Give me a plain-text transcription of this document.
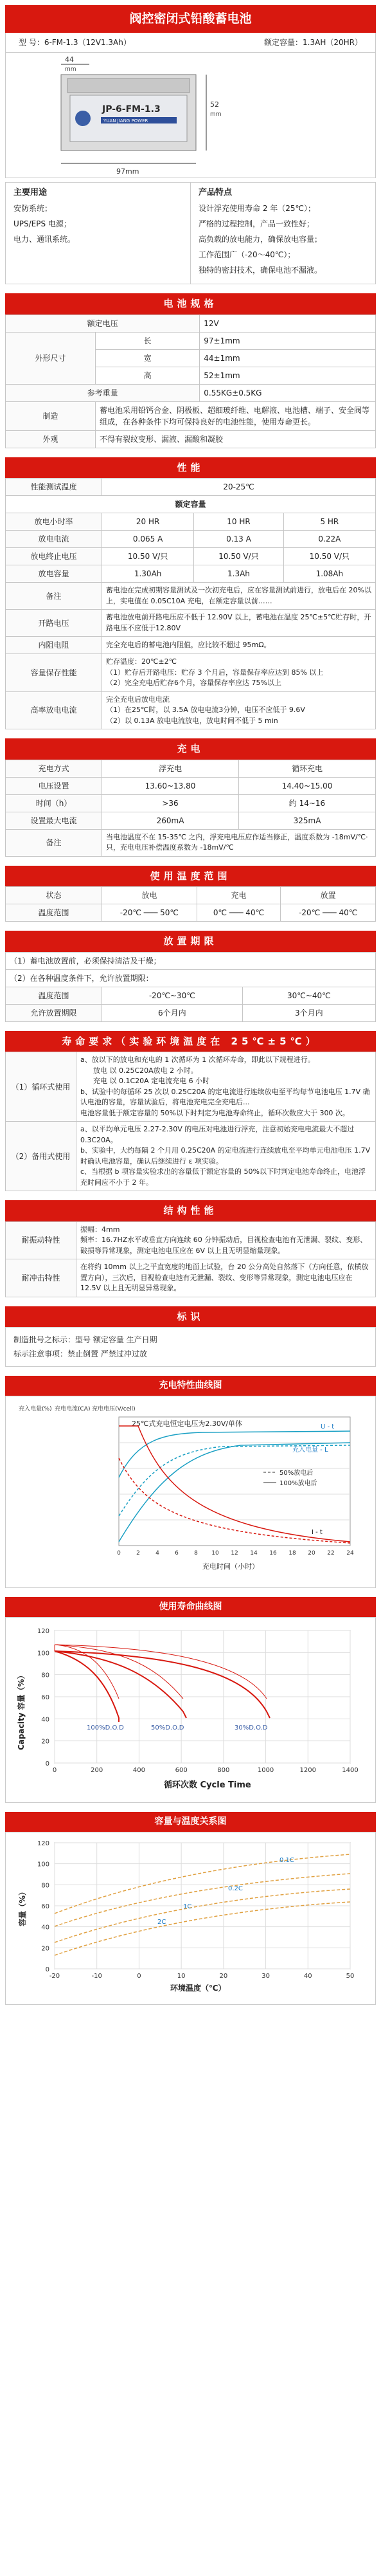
阀控密闭式铅酸蓄电池
型 号：6-FM-1.3（12V1.3Ah）	额定容量：1.3AH（20HR）
JP-6-FM-1.3
YUAN JIANG POWER
44
mm
52
mm
97mm
主要用途
安防系统；
UPS/EPS 电源；
电力、通讯系统。
产品特点
设计浮充使用寿命 2 年（25℃）；
严格的过程控制，产品一致性好；
高负载的放电能力，确保放电容量；
工作范围广（-20～40℃）；
独特的密封技术，确保电池不漏液。
电池规格
额定电压		12V
外形尺寸	长	97±1mm
	宽	44±1mm
	高	52±1mm
参考重量		0.55KG±0.5KG
制造	蓄电池采用铅钙合金、阴极板、超细玻纤维、电解液、电池槽、端子、安全阀等组成，在各种条件下均可保持良好的电池性能，使用寿命更长。	
外观	不得有裂纹变形、漏液、漏酸和凝胶	
性能
性能测试温度	20-25℃		
额定容量			
放电小时率	20 HR	10 HR	5 HR
放电电流	0.065 A	0.13 A	0.22A
放电终止电压	10.50 V/只	10.50 V/只	10.50 V/只
放电容量	1.30Ah	1.3Ah	1.08Ah
备注	蓄电池在完成初期容量测试及一次初充电后，应在容量测试前进行，放电后在 20%以上，实电值在 0.05C10A 充电，在额定容量以前……		
开路电压	蓄电池放电前开路电压应不低于 12.90V 以上，蓄电池在温度 25℃±5℃贮存时，开路电压不应低于12.80V		
内阻电阻	完全充电后的蓄电池内阻值，应比较不超过 95mΩ。		
容量保存性能	贮存温度：20℃±2℃
（1）贮存后开路电压：贮存 3 个月后，容量保存率应达到 85% 以上
（2）完全充电后贮存6个月，容量保存率应达 75%以上		
高率放电电流	完全充电后放电电流
（1）在25℃时，以 3.5A 放电电流3分钟，电压不应低于 9.6V
（2）以 0.13A 放电电流放电，放电时间不低于 5 min		
充电
充电方式	浮充电	循环充电
电压设置	13.60~13.80	14.40~15.00
时间（h）	>36	约 14~16
设置最大电流	260mA	325mA
备注	当电池温度不在 15-35℃ 之内，浮充电电压应作适当修正，温度系数为 -18mV/℃·只，充电电压补偿温度系数为 -18mV/℃	
使用温度范围
状态	放电	充电	放置
温度范围	-20℃ ─── 50℃	0℃ ─── 40℃	-20℃ ─── 40℃
放置期限
（1）蓄电池放置前，必须保持清洁及干燥；		
（2）在各种温度条件下，允许放置期限：		
温度范围	-20℃~30℃	30℃~40℃
允许放置期限	6个月内	3个月内
寿命要求（实验环境温度在 25℃±5℃）
（1）循环式使用	a、放以下的放电和充电的 1 次循环为 1 次循环寿命，即此以下规程进行。

放电 以 0.25C20A放电 2 小时。

充电 以 0.1C20A 定电流充电 6 小时

b、试验中的每循环 25 次以 0.25C20A 的定电流进行连续放电至平均每节电池电压 1.7V 确认电池的容量，容量试验后，将电池充电完全充电后...

电池容量低于额定容量的 50%以下时判定为电池寿命终止，循环次数应大于 300 次。

（2）备用式使用	a、以平均单元电压 2.27-2.30V 的电压对电池进行浮充，注意初始充电电流最大不超过 0.3C20A。

b、实验中，大约每隔 2 个月用 0.25C20A 的定电流进行连续放电至平均单元电池电压 1.7V 时确认电池容量，确认后继续进行 ε 项实验。

c、当根据 b 项容量实验求出的容量低于额定容量的 50%以下时判定电池寿命终止，电池浮充时间应不小于 2 年。

结构性能
耐振动特性	振幅：4mm

频率：16.7HZ水平或垂直方向连续 60 分钟振动后，目视检查电池有无泄漏、裂纹、变形、破损等异常现象，测定电池电压应在 6V 以上且无明显缩量现象。

耐冲击特性	在将约 10mm 以上之平直宽度的地面上试验，台 20 公分高处自然落下（方向任意，依横放置方向），三次后，目视检查电池有无泄漏、裂纹、变形等异常现象，测定电池电压应在 12.5V 以上且无明显异常现象。
标识

制造批号之标示：型号 额定容量 生产日期

标示注意事项：禁止倒置 严禁过冲过放

充电特性曲线图
充入电量(%) 充电电流(CA) 充电电压(V/cell)
25℃式充电恒定电压为2.30V/单体	U - t
充入电量 - L
I - t
50%放电后
100%放电后
0	2	4	6	8 10 12 14 16 18 20 22 24
充电时间（小时）
使用寿命曲线图
100%D.O.D	50%D.O.D	30%D.O.D
0	200	400	600	800	1000	1200	1400
0
20
40
60
80
100
120
循环次数 Cycle Time
Capacity 容量（%）
容量与温度关系图
0.1C
0.2C
1C
2C
-20	-10	0	10	20	30	40	50
0
20
40
60
80
100
120
环境温度（℃）
容量（%）
